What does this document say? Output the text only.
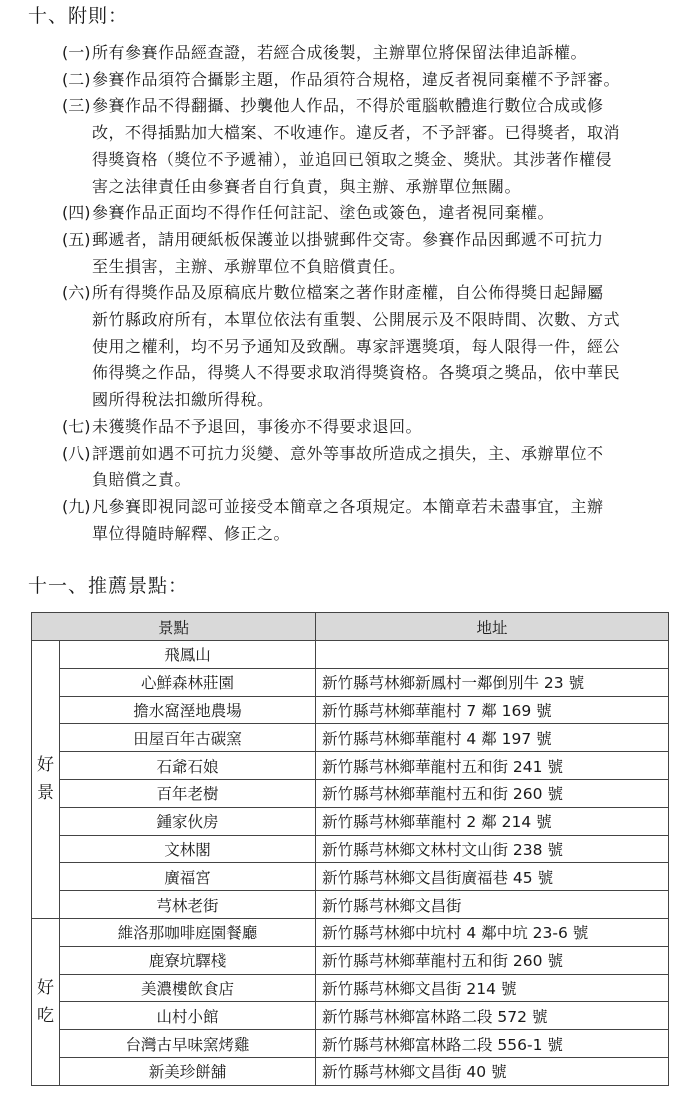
十、附則：
(一) 所有參賽作品經查證，若經合成後製，主辦單位將保留法律追訴權。
(二) 參賽作品須符合攝影主題，作品須符合規格，違反者視同棄權不予評審。
(三) 參賽作品不得翻攝、抄襲他人作品，不得於電腦軟體進行數位合成或修
改，不得插點加大檔案、不收連作。違反者，不予評審。已得獎者，取消
得獎資格（獎位不予遞補），並追回已領取之獎金、獎狀。其涉著作權侵
害之法律責任由參賽者自行負責，與主辦、承辦單位無關。
(四) 參賽作品正面均不得作任何註記、塗色或簽色，違者視同棄權。
(五) 郵遞者，請用硬紙板保護並以掛號郵件交寄。參賽作品因郵遞不可抗力
至生損害，主辦、承辦單位不負賠償責任。
(六) 所有得獎作品及原稿底片數位檔案之著作財產權，自公佈得獎日起歸屬
新竹縣政府所有，本單位依法有重製、公開展示及不限時間、次數、方式
使用之權利，均不另予通知及致酬。專家評選獎項，每人限得一件，經公
佈得獎之作品，得獎人不得要求取消得獎資格。各獎項之獎品，依中華民
國所得稅法扣繳所得稅。
(七) 未獲獎作品不予退回，事後亦不得要求退回。
(八) 評選前如遇不可抗力災變、意外等事故所造成之損失，主、承辦單位不
負賠償之責。
(九) 凡參賽即視同認可並接受本簡章之各項規定。本簡章若未盡事宜，主辦
單位得隨時解釋、修正之。
十一、推薦景點：
景點		地址

好
景	飛鳳山	
	心鮮森林莊園	新竹縣芎林鄉新鳳村一鄰倒別牛 23 號
	擔水窩溼地農場	新竹縣芎林鄉華龍村 7 鄰 169 號
	田屋百年古碳窯	新竹縣芎林鄉華龍村 4 鄰 197 號
	石爺石娘	新竹縣芎林鄉華龍村五和街 241 號
	百年老樹	新竹縣芎林鄉華龍村五和街 260 號
	鍾家伙房	新竹縣芎林鄉華龍村 2 鄰 214 號
	文林閣	新竹縣芎林鄉文林村文山街 238 號
	廣福宮	新竹縣芎林鄉文昌街廣福巷 45 號
	芎林老街	新竹縣芎林鄉文昌街

好
吃	維洛那咖啡庭園餐廳	新竹縣芎林鄉中坑村 4 鄰中坑 23-6 號
	鹿寮坑驛棧	新竹縣芎林鄉華龍村五和街 260 號
	美濃樓飲食店	新竹縣芎林鄉文昌街 214 號
	山村小館	新竹縣芎林鄉富林路二段 572 號
	台灣古早味窯烤雞	新竹縣芎林鄉富林路二段 556-1 號
	新美珍餅舖	新竹縣芎林鄉文昌街 40 號
